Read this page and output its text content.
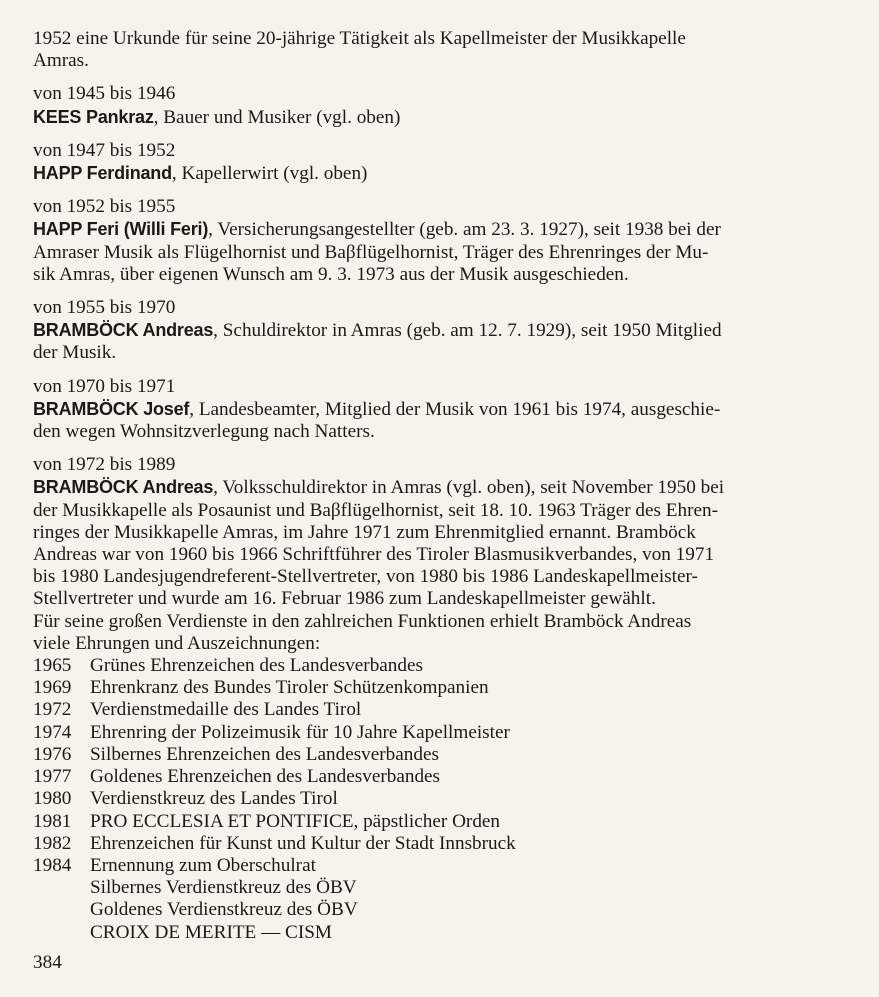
1952 eine Urkunde für seine 20-jährige Tätigkeit als Kapellmeister der Musikkapelle

Amras.

von 1945 bis 1946

KEES Pankraz, Bauer und Musiker (vgl. oben)

von 1947 bis 1952

HAPP Ferdinand, Kapellerwirt (vgl. oben)

von 1952 bis 1955

HAPP Feri (Willi Feri), Versicherungsangestellter (geb. am 23. 3. 1927), seit 1938 bei der

Amraser Musik als Flügelhornist und Baβflügelhornist, Träger des Ehrenringes der Mu-

sik Amras, über eigenen Wunsch am 9. 3. 1973 aus der Musik ausgeschieden.

von 1955 bis 1970

BRAMBÖCK Andreas, Schuldirektor in Amras (geb. am 12. 7. 1929), seit 1950 Mitglied

der Musik.

von 1970 bis 1971

BRAMBÖCK Josef, Landesbeamter, Mitglied der Musik von 1961 bis 1974, ausgeschie-

den wegen Wohnsitzverlegung nach Natters.

von 1972 bis 1989

BRAMBÖCK Andreas, Volksschuldirektor in Amras (vgl. oben), seit November 1950 bei

der Musikkapelle als Posaunist und Baβflügelhornist, seit 18. 10. 1963 Träger des Ehren-

ringes der Musikkapelle Amras, im Jahre 1971 zum Ehrenmitglied ernannt. Bramböck

Andreas war von 1960 bis 1966 Schriftführer des Tiroler Blasmusikverbandes, von 1971

bis 1980 Landesjugendreferent-Stellvertreter, von 1980 bis 1986 Landeskapellmeister-

Stellvertreter und wurde am 16. Februar 1986 zum Landeskapellmeister gewählt.

Für seine großen Verdienste in den zahlreichen Funktionen erhielt Bramböck Andreas

viele Ehrungen und Auszeichnungen:

1965 Grünes Ehrenzeichen des Landesverbandes
1969 Ehrenkranz des Bundes Tiroler Schützenkompanien
1972 Verdienstmedaille des Landes Tirol
1974 Ehrenring der Polizeimusik für 10 Jahre Kapellmeister
1976 Silbernes Ehrenzeichen des Landesverbandes
1977 Goldenes Ehrenzeichen des Landesverbandes
1980 Verdienstkreuz des Landes Tirol
1981 PRO ECCLESIA ET PONTIFICE, päpstlicher Orden
1982 Ehrenzeichen für Kunst und Kultur der Stadt Innsbruck
1984 Ernennung zum Oberschulrat
Silbernes Verdienstkreuz des ÖBV
Goldenes Verdienstkreuz des ÖBV
CROIX DE MERITE — CISM
384
